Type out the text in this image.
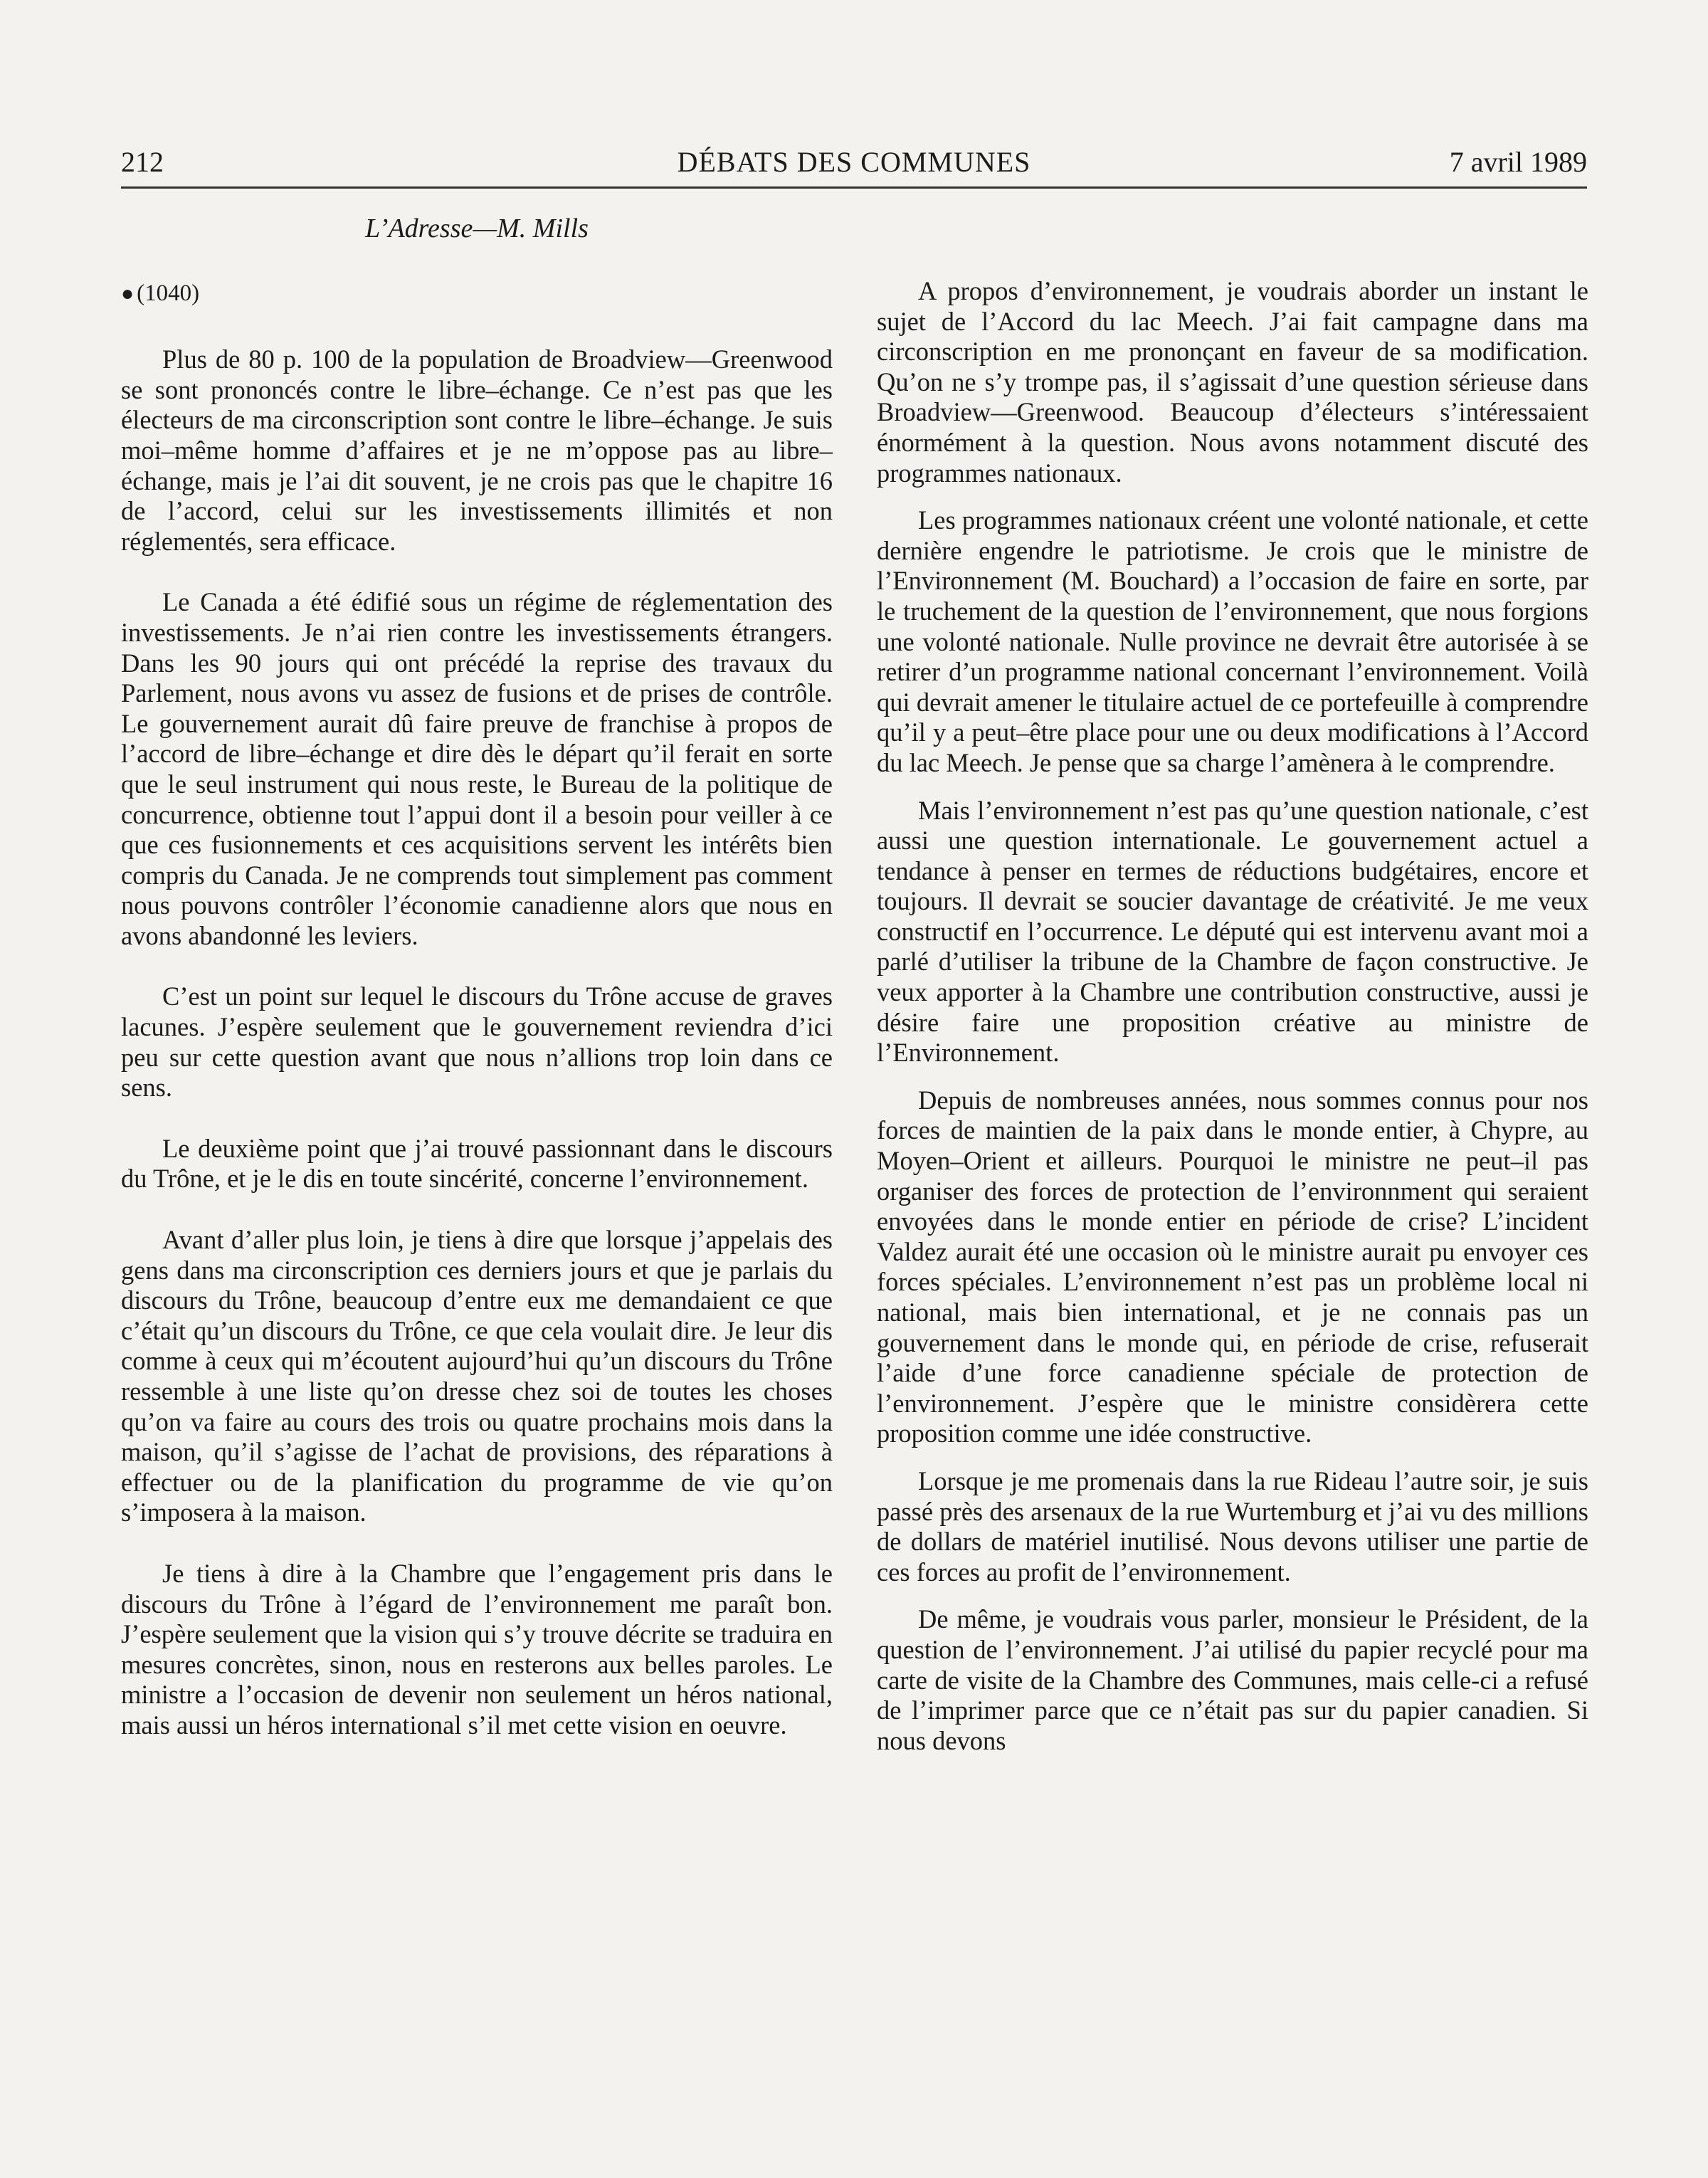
212	DÉBATS DES COMMUNES	7 avril 1989
L’Adresse—M. Mills
● (1040)

Plus de 80 p. 100 de la population de Broadview—Greenwood se sont prononcés contre le libre–échange. Ce n’est pas que les électeurs de ma circonscription sont contre le libre–échange. Je suis moi–même homme d’affaires et je ne m’oppose pas au libre–échange, mais je l’ai dit souvent, je ne crois pas que le chapitre 16 de l’accord, celui sur les investissements illimités et non réglementés, sera efficace.

Le Canada a été édifié sous un régime de réglementation des investissements. Je n’ai rien contre les investissements étrangers. Dans les 90 jours qui ont précédé la reprise des travaux du Parlement, nous avons vu assez de fusions et de prises de contrôle. Le gouvernement aurait dû faire preuve de franchise à propos de l’accord de libre–échange et dire dès le départ qu’il ferait en sorte que le seul instrument qui nous reste, le Bureau de la politique de concurrence, obtienne tout l’appui dont il a besoin pour veiller à ce que ces fusionnements et ces acquisitions servent les intérêts bien compris du Canada. Je ne comprends tout simplement pas comment nous pouvons contrôler l’économie canadienne alors que nous en avons abandonné les leviers.

C’est un point sur lequel le discours du Trône accuse de graves lacunes. J’espère seulement que le gouvernement reviendra d’ici peu sur cette question avant que nous n’allions trop loin dans ce sens.

Le deuxième point que j’ai trouvé passionnant dans le discours du Trône, et je le dis en toute sincérité, concerne l’environnement.

Avant d’aller plus loin, je tiens à dire que lorsque j’appelais des gens dans ma circonscription ces derniers jours et que je parlais du discours du Trône, beaucoup d’entre eux me demandaient ce que c’était qu’un discours du Trône, ce que cela voulait dire. Je leur dis comme à ceux qui m’écoutent aujourd’hui qu’un discours du Trône ressemble à une liste qu’on dresse chez soi de toutes les choses qu’on va faire au cours des trois ou quatre prochains mois dans la maison, qu’il s’agisse de l’achat de provisions, des réparations à effectuer ou de la planification du programme de vie qu’on s’imposera à la maison.

Je tiens à dire à la Chambre que l’engagement pris dans le discours du Trône à l’égard de l’environnement me paraît bon. J’espère seulement que la vision qui s’y trouve décrite se traduira en mesures concrètes, sinon, nous en resterons aux belles paroles. Le ministre a l’occasion de devenir non seulement un héros national, mais aussi un héros international s’il met cette vision en oeuvre.

A propos d’environnement, je voudrais aborder un instant le sujet de l’Accord du lac Meech. J’ai fait campagne dans ma circonscription en me prononçant en faveur de sa modification. Qu’on ne s’y trompe pas, il s’agissait d’une question sérieuse dans Broadview—Greenwood. Beaucoup d’électeurs s’intéressaient énormément à la question. Nous avons notamment discuté des programmes nationaux.

Les programmes nationaux créent une volonté nationale, et cette dernière engendre le patriotisme. Je crois que le ministre de l’Environnement (M. Bouchard) a l’occasion de faire en sorte, par le truchement de la question de l’environnement, que nous forgions une volonté nationale. Nulle province ne devrait être autorisée à se retirer d’un programme national concernant l’environnement. Voilà qui devrait amener le titulaire actuel de ce portefeuille à comprendre qu’il y a peut–être place pour une ou deux modifications à l’Accord du lac Meech. Je pense que sa charge l’amènera à le comprendre.

Mais l’environnement n’est pas qu’une question nationale, c’est aussi une question internationale. Le gouvernement actuel a tendance à penser en termes de réductions budgétaires, encore et toujours. Il devrait se soucier davantage de créativité. Je me veux constructif en l’occurrence. Le député qui est intervenu avant moi a parlé d’utiliser la tribune de la Chambre de façon constructive. Je veux apporter à la Chambre une contribution constructive, aussi je désire faire une proposition créative au ministre de l’Environnement.

Depuis de nombreuses années, nous sommes connus pour nos forces de maintien de la paix dans le monde entier, à Chypre, au Moyen–Orient et ailleurs. Pourquoi le ministre ne peut–il pas organiser des forces de protection de l’environnment qui seraient envoyées dans le monde entier en période de crise? L’incident Valdez aurait été une occasion où le ministre aurait pu envoyer ces forces spéciales. L’environnement n’est pas un problème local ni national, mais bien international, et je ne connais pas un gouvernement dans le monde qui, en période de crise, refuserait l’aide d’une force canadienne spéciale de protection de l’environnement. J’espère que le ministre considèrera cette proposition comme une idée constructive.

Lorsque je me promenais dans la rue Rideau l’autre soir, je suis passé près des arsenaux de la rue Wurtemburg et j’ai vu des millions de dollars de matériel inutilisé. Nous devons utiliser une partie de ces forces au profit de l’environnement.

De même, je voudrais vous parler, monsieur le Président, de la question de l’environnement. J’ai utilisé du papier recyclé pour ma carte de visite de la Chambre des Communes, mais celle-ci a refusé de l’imprimer parce que ce n’était pas sur du papier canadien. Si nous devons
